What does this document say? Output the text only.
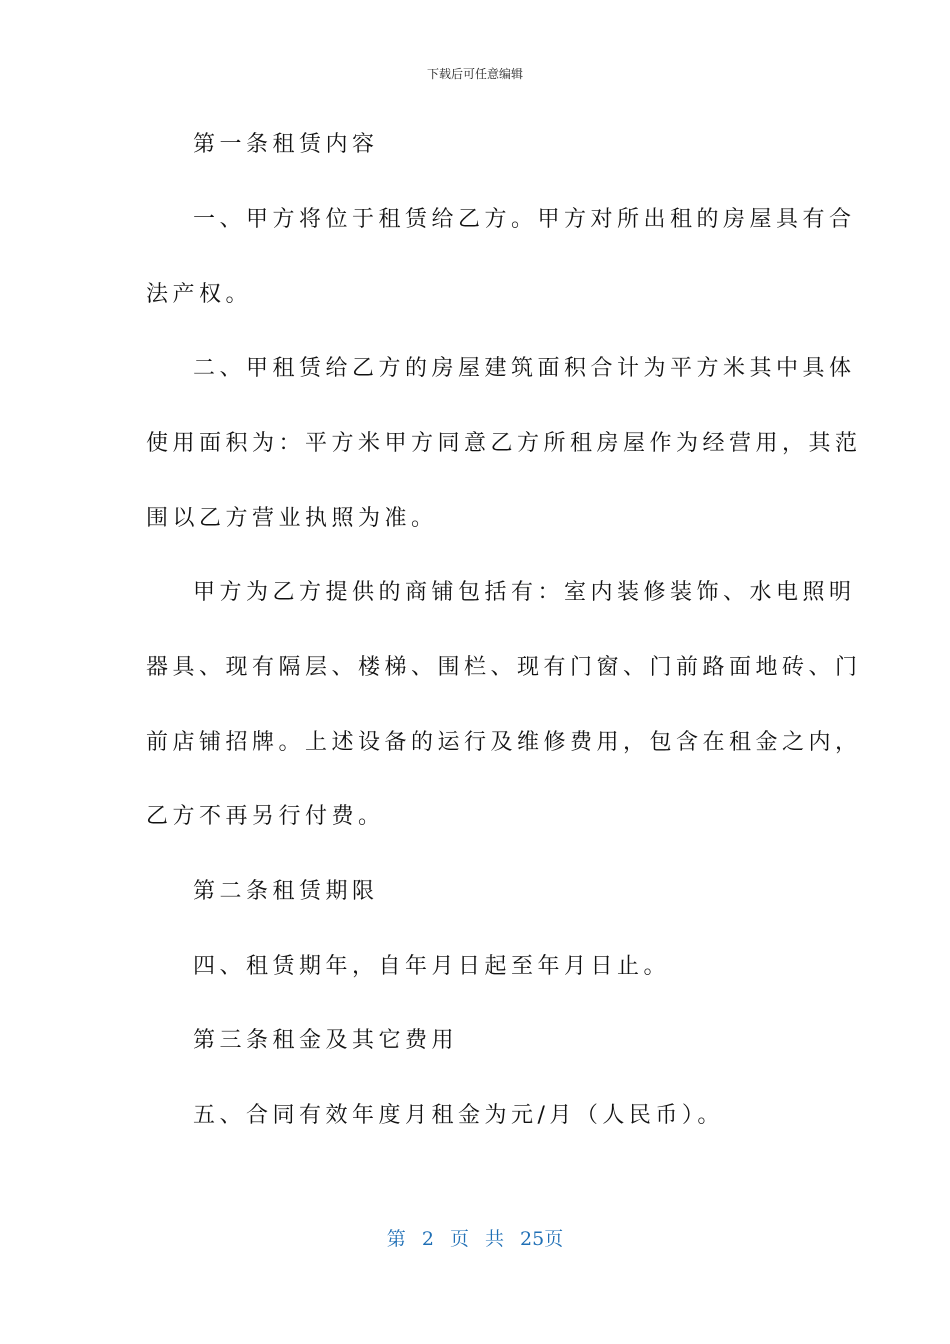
下载后可任意编辑
第一条租赁内容
一、甲方将位于租赁给乙方。甲方对所出租的房屋具有合
法产权。
二、甲租赁给乙方的房屋建筑面积合计为平方米其中具体
使用面积为：平方米甲方同意乙方所租房屋作为经营用，其范
围以乙方营业执照为准。
甲方为乙方提供的商铺包括有：室内装修装饰、水电照明
器具、现有隔层、楼梯、围栏、现有门窗、门前路面地砖、门
前店铺招牌。上述设备的运行及维修费用，包含在租金之内，
乙方不再另行付费。
第二条租赁期限
四、租赁期年，自年月日起至年月日止。
第三条租金及其它费用
五、合同有效年度月租金为元/月（人民币）。
第 2 页 共 25页
